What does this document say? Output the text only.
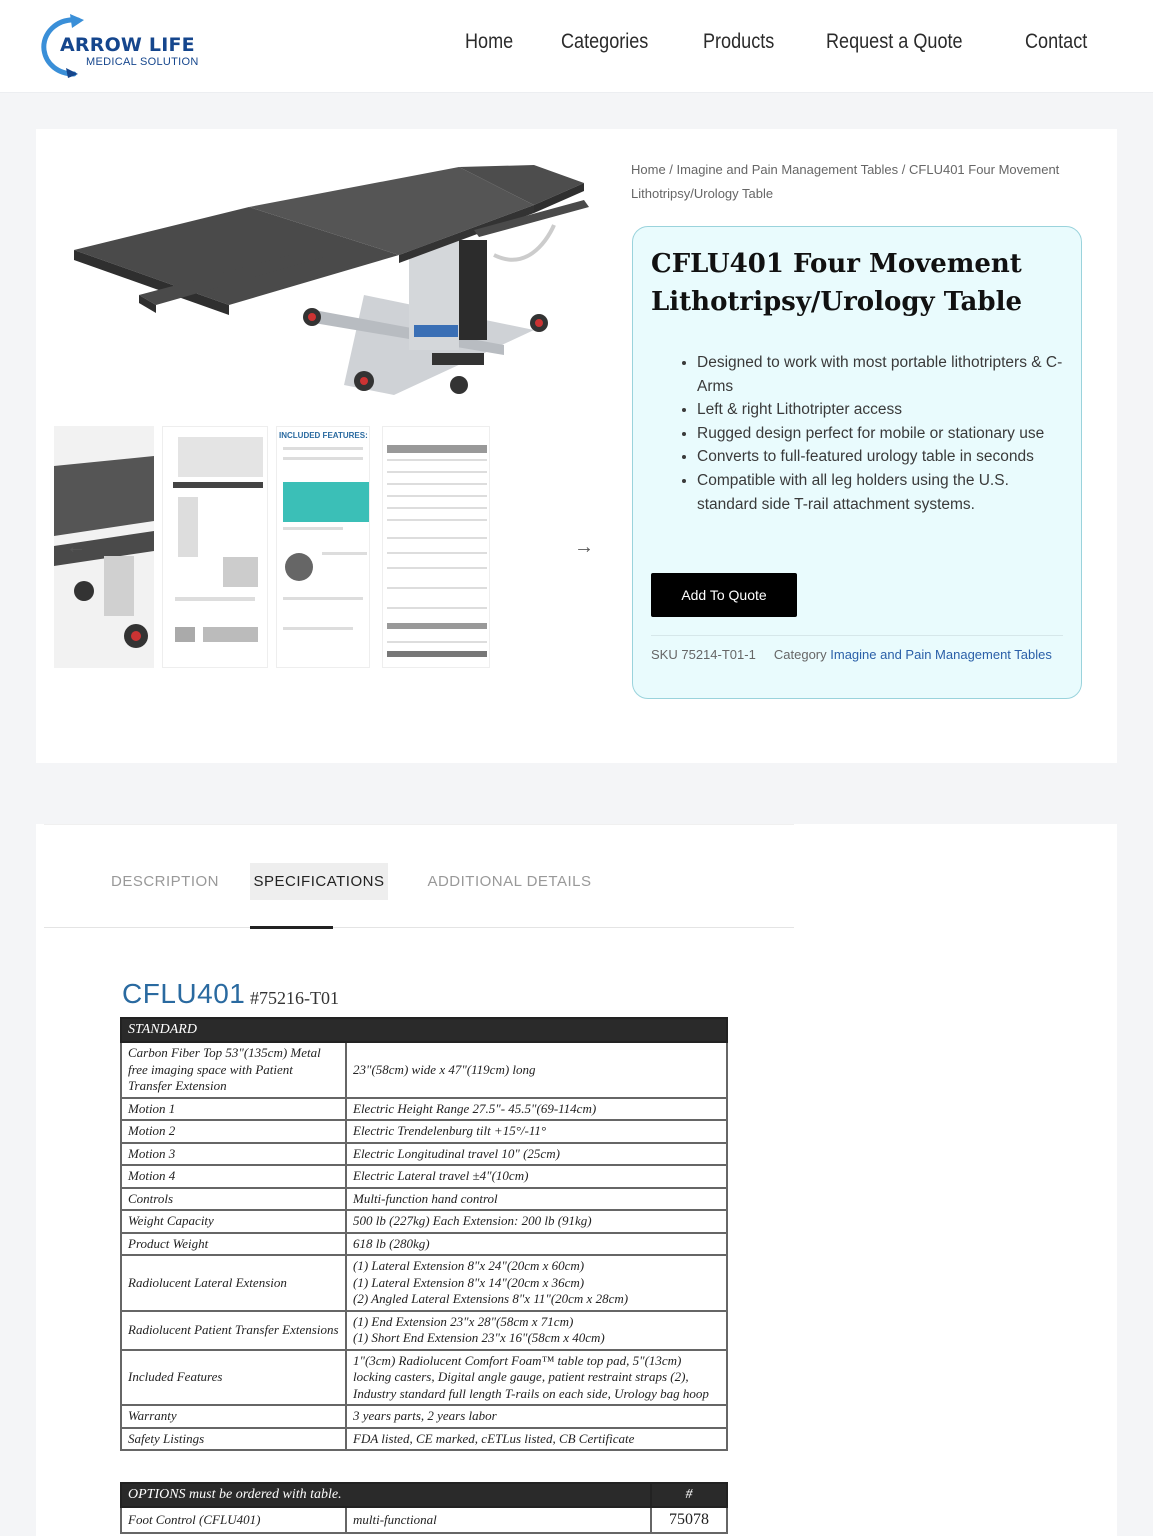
ARROW LIFE
MEDICAL SOLUTION
Home Categories	Products Request a Quote	Contact
INCLUDED FEATURES:
←	→
Home / Imagine and Pain Management Tables / CFLU401 Four Movement Lithotripsy/Urology Table
CFLU401 Four Movement Lithotripsy/Urology Table
• Designed to work with most portable lithotripters & C-Arms
• Left & right Lithotripter access
• Rugged design perfect for mobile or stationary use
• Converts to full-featured urology table in seconds
• Compatible with all leg holders using the U.S. standard side T-rail attachment systems.
Add To Quote
SKU 75214-T01-1 Category Imagine and Pain Management Tables
DESCRIPTION	SPECIFICATIONS	ADDITIONAL DETAILS
CFLU401 #75216-T01
STANDARD	
Carbon Fiber Top 53"(135cm) Metal free imaging space with Patient Transfer Extension	23"(58cm) wide x 47"(119cm) long
Motion 1	Electric Height Range 27.5"- 45.5"(69-114cm)
Motion 2	Electric Trendelenburg tilt +15°/-11°
Motion 3	Electric Longitudinal travel 10" (25cm)
Motion 4	Electric Lateral travel ±4"(10cm)
Controls	Multi-function hand control
Weight Capacity	500 lb (227kg) Each Extension: 200 lb (91kg)
Product Weight	618 lb (280kg)
Radiolucent Lateral Extension	(1) Lateral Extension 8"x 24"(20cm x 60cm)
(1) Lateral Extension 8"x 14"(20cm x 36cm)
(2) Angled Lateral Extensions 8"x 11"(20cm x 28cm)
Radiolucent Patient Transfer Extensions	(1) End Extension 23"x 28"(58cm x 71cm)
(1) Short End Extension 23"x 16"(58cm x 40cm)
Included Features	1"(3cm) Radiolucent Comfort Foam™ table top pad, 5"(13cm) locking casters, Digital angle gauge, patient restraint straps (2), Industry standard full length T-rails on each side, Urology bag hoop
Warranty	3 years parts, 2 years labor
Safety Listings	FDA listed, CE marked, cETLus listed, CB Certificate
OPTIONS must be ordered with table.		#
Foot Control (CFLU401)	multi-functional	75078
